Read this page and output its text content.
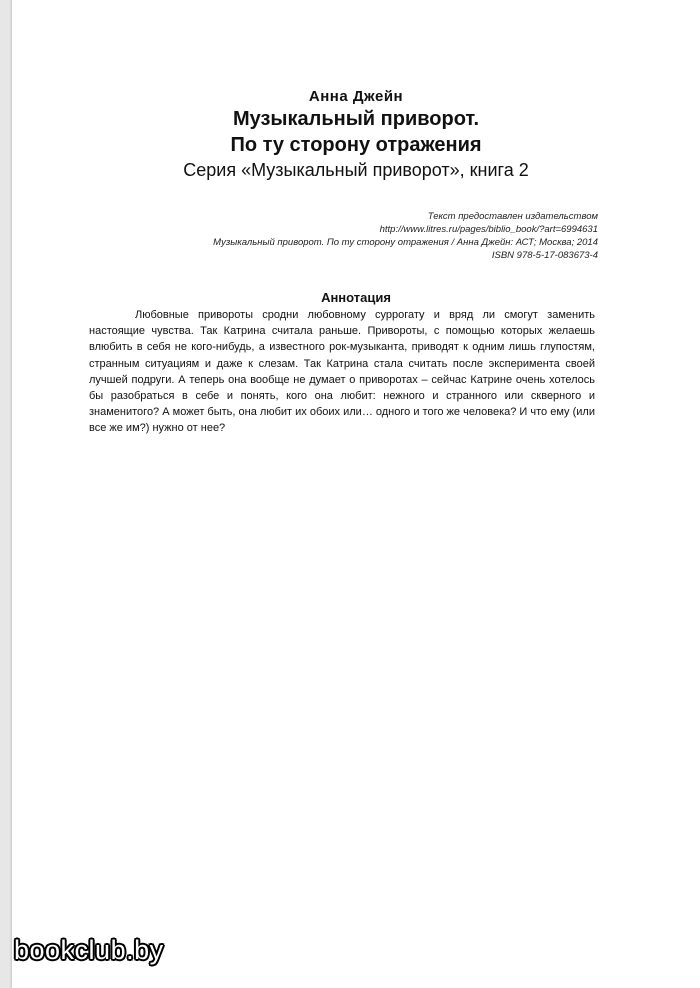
Анна Джейн
Музыкальный приворот.
По ту сторону отражения
Серия «Музыкальный приворот», книга 2
Текст предоставлен издательством
http://www.litres.ru/pages/biblio_book/?art=6994631
Музыкальный приворот. По ту сторону отражения / Анна Джейн: АСТ; Москва; 2014
ISBN 978-5-17-083673-4
Аннотация
Любовные привороты сродни любовному суррогату и вряд ли смогут заменить настоящие чувства. Так Катрина считала раньше. Привороты, с помощью которых желаешь влюбить в себя не кого-нибудь, а известного рок-музыканта, приводят к одним лишь глупостям, странным ситуациям и даже к слезам. Так Катрина стала считать после эксперимента своей лучшей подруги. А теперь она вообще не думает о приворотах – сейчас Катрине очень хотелось бы разобраться в себе и понять, кого она любит: нежного и странного или скверного и знаменитого? А может быть, она любит их обоих или… одного и того же человека? И что ему (или все же им?) нужно от нее?
bookclub.by
